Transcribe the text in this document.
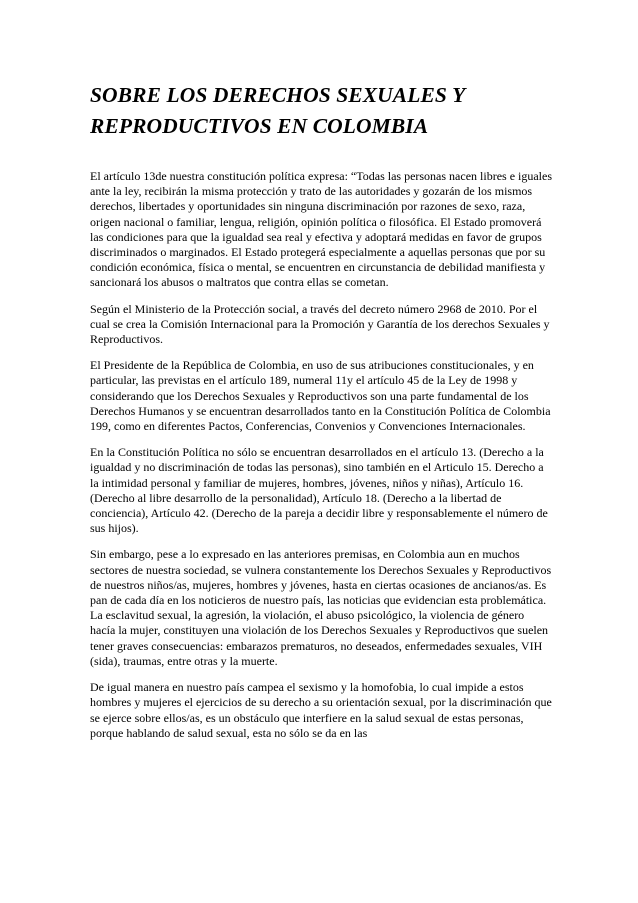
SOBRE LOS DERECHOS SEXUALES Y REPRODUCTIVOS EN COLOMBIA

El artículo 13de nuestra constitución política expresa: “Todas las personas nacen libres e iguales ante la ley, recibirán la misma protección y trato de las autoridades y gozarán de los mismos derechos, libertades y oportunidades sin ninguna discriminación por razones de sexo, raza, origen nacional o familiar, lengua, religión, opinión política o filosófica. El Estado promoverá las condiciones para que la igualdad sea real y efectiva y adoptará medidas en favor de grupos discriminados o marginados. El Estado protegerá especialmente a aquellas personas que por su condición económica, física o mental, se encuentren en circunstancia de debilidad manifiesta y sancionará los abusos o maltratos que contra ellas se cometan.

Según el Ministerio de la Protección social, a través del decreto número 2968 de 2010. Por el cual se crea la Comisión Internacional para la Promoción y Garantía de los derechos Sexuales y Reproductivos.

El Presidente de la República de Colombia, en uso de sus atribuciones constitucionales, y en particular, las previstas en el artículo 189, numeral 11y el artículo 45 de la Ley de 1998 y considerando que los Derechos Sexuales y Reproductivos son una parte fundamental de los Derechos Humanos y se encuentran desarrollados tanto en la Constitución Política de Colombia 199, como en diferentes Pactos, Conferencias, Convenios y Convenciones Internacionales.

En la Constitución Política no sólo se encuentran desarrollados en el artículo 13. (Derecho a la igualdad y no discriminación de todas las personas), sino también en el Articulo 15. Derecho a la intimidad personal y familiar de mujeres, hombres, jóvenes, niños y niñas), Artículo 16. (Derecho al libre desarrollo de la personalidad), Artículo 18. (Derecho a la libertad de conciencia), Artículo 42. (Derecho de la pareja a decidir libre y responsablemente el número de sus hijos).

Sin embargo, pese a lo expresado en las anteriores premisas, en Colombia aun en muchos sectores de nuestra sociedad, se vulnera constantemente los Derechos Sexuales y Reproductivos de nuestros niños/as, mujeres, hombres y jóvenes, hasta en ciertas ocasiones de ancianos/as. Es pan de cada día en los noticieros de nuestro país, las noticias que evidencian esta problemática. La esclavitud sexual, la agresión, la violación, el abuso psicológico, la violencia de género hacía la mujer, constituyen una violación de los Derechos Sexuales y Reproductivos que suelen tener graves consecuencias: embarazos prematuros, no deseados, enfermedades sexuales, VIH (sida), traumas, entre otras y la muerte.

De igual manera en nuestro país campea el sexismo y la homofobia, lo cual impide a estos hombres y mujeres el ejercicios de su derecho a su orientación sexual, por la discriminación que se ejerce sobre ellos/as, es un obstáculo que interfiere en la salud sexual de estas personas, porque hablando de salud sexual, esta no sólo se da en las
